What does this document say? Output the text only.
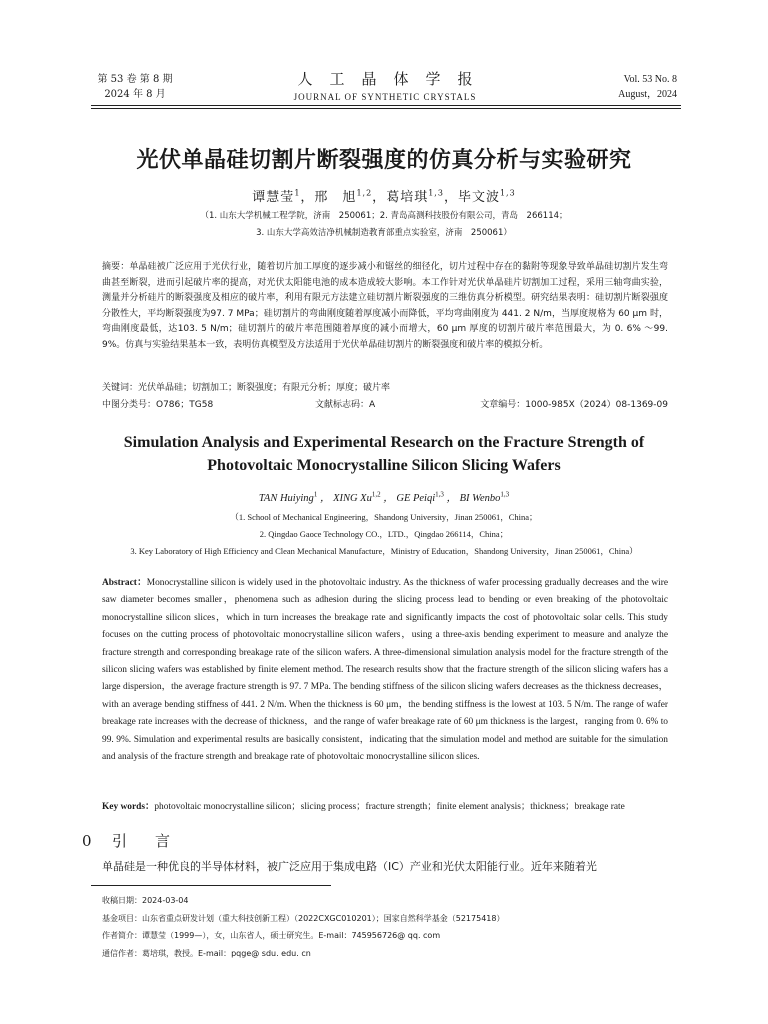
第 53 卷 第 8 期
2024 年 8 月
人工晶体学报
JOURNAL OF SYNTHETIC CRYSTALS
Vol. 53 No. 8
August，2024
光伏单晶硅切割片断裂强度的仿真分析与实验研究
谭慧莹$^1$，邢　旭$^{1,2}$，葛培琪$^{1,3}$，毕文波$^{1,3}$
（1. 山东大学机械工程学院，济南　250061；2. 青岛高测科技股份有限公司，青岛　266114；
3. 山东大学高效洁净机械制造教育部重点实验室，济南　250061）
摘要：单晶硅被广泛应用于光伏行业，随着切片加工厚度的逐步减小和锯丝的细径化，切片过程中存在的黏附等现象导致单晶硅切割片发生弯曲甚至断裂，进而引起破片率的提高，对光伏太阳能电池的成本造成较大影响。本工作针对光伏单晶硅片切割加工过程，采用三轴弯曲实验，测量并分析硅片的断裂强度及相应的破片率，利用有限元方法建立硅切割片断裂强度的三维仿真分析模型。研究结果表明：硅切割片断裂强度分散性大，平均断裂强度为97. 7 MPa；硅切割片的弯曲刚度随着厚度减小而降低，平均弯曲刚度为 441. 2 N/m，当厚度规格为 60 μm 时，弯曲刚度最低，达103. 5 N/m；硅切割片的破片率范围随着厚度的减小而增大，60 μm 厚度的切割片破片率范围最大，为 0. 6% ～99. 9%。仿真与实验结果基本一致，表明仿真模型及方法适用于光伏单晶硅切割片的断裂强度和破片率的模拟分析。
关键词：光伏单晶硅；切割加工；断裂强度；有限元分析；厚度；破片率
中图分类号：O786；TG58	文献标志码：A	文章编号：1000-985X（2024）08-1369-09
Simulation Analysis and Experimental Research on the Fracture Strength of
Photovoltaic Monocrystalline Silicon Slicing Wafers
TAN Huiying$^1$ ， XING Xu$^{1,2}$ ， GE Peiqi$^{1,3}$ ， BI Wenbo$^{1,3}$
（1. School of Mechanical Engineering，Shandong University，Jinan 250061，China；
2. Qingdao Gaoce Technology CO.，LTD.，Qingdao 266114，China；
3. Key Laboratory of High Efficiency and Clean Mechanical Manufacture，Ministry of Education，Shandong University，Jinan 250061，China）
Abstract：Monocrystalline silicon is widely used in the photovoltaic industry. As the thickness of wafer processing gradually decreases and the wire saw diameter becomes smaller，phenomena such as adhesion during the slicing process lead to bending or even breaking of the photovoltaic monocrystalline silicon slices，which in turn increases the breakage rate and significantly impacts the cost of photovoltaic solar cells. This study focuses on the cutting process of photovoltaic monocrystalline silicon wafers，using a three-axis bending experiment to measure and analyze the fracture strength and corresponding breakage rate of the silicon wafers. A three-dimensional simulation analysis model for the fracture strength of the silicon slicing wafers was established by finite element method. The research results show that the fracture strength of the silicon slicing wafers has a large dispersion，the average fracture strength is 97. 7 MPa. The bending stiffness of the silicon slicing wafers decreases as the thickness decreases，with an average bending stiffness of 441. 2 N/m. When the thickness is 60 μm，the bending stiffness is the lowest at 103. 5 N/m. The range of wafer breakage rate increases with the decrease of thickness，and the range of wafer breakage rate of 60 μm thickness is the largest，ranging from 0. 6% to 99. 9%. Simulation and experimental results are basically consistent，indicating that the simulation model and method are suitable for the simulation and analysis of the fracture strength and breakage rate of photovoltaic monocrystalline silicon slices.
Key words：photovoltaic monocrystalline silicon；slicing process；fracture strength；finite element analysis；thickness；breakage rate
0 引言
单晶硅是一种优良的半导体材料，被广泛应用于集成电路（IC）产业和光伏太阳能行业。近年来随着光
收稿日期：2024-03-04
基金项目：山东省重点研发计划（重大科技创新工程）（2022CXGC010201）；国家自然科学基金（52175418）
作者简介：谭慧莹（1999—），女，山东省人，硕士研究生。E-mail：745956726@ qq. com
通信作者：葛培琪，教授。E-mail：pqge@ sdu. edu. cn
